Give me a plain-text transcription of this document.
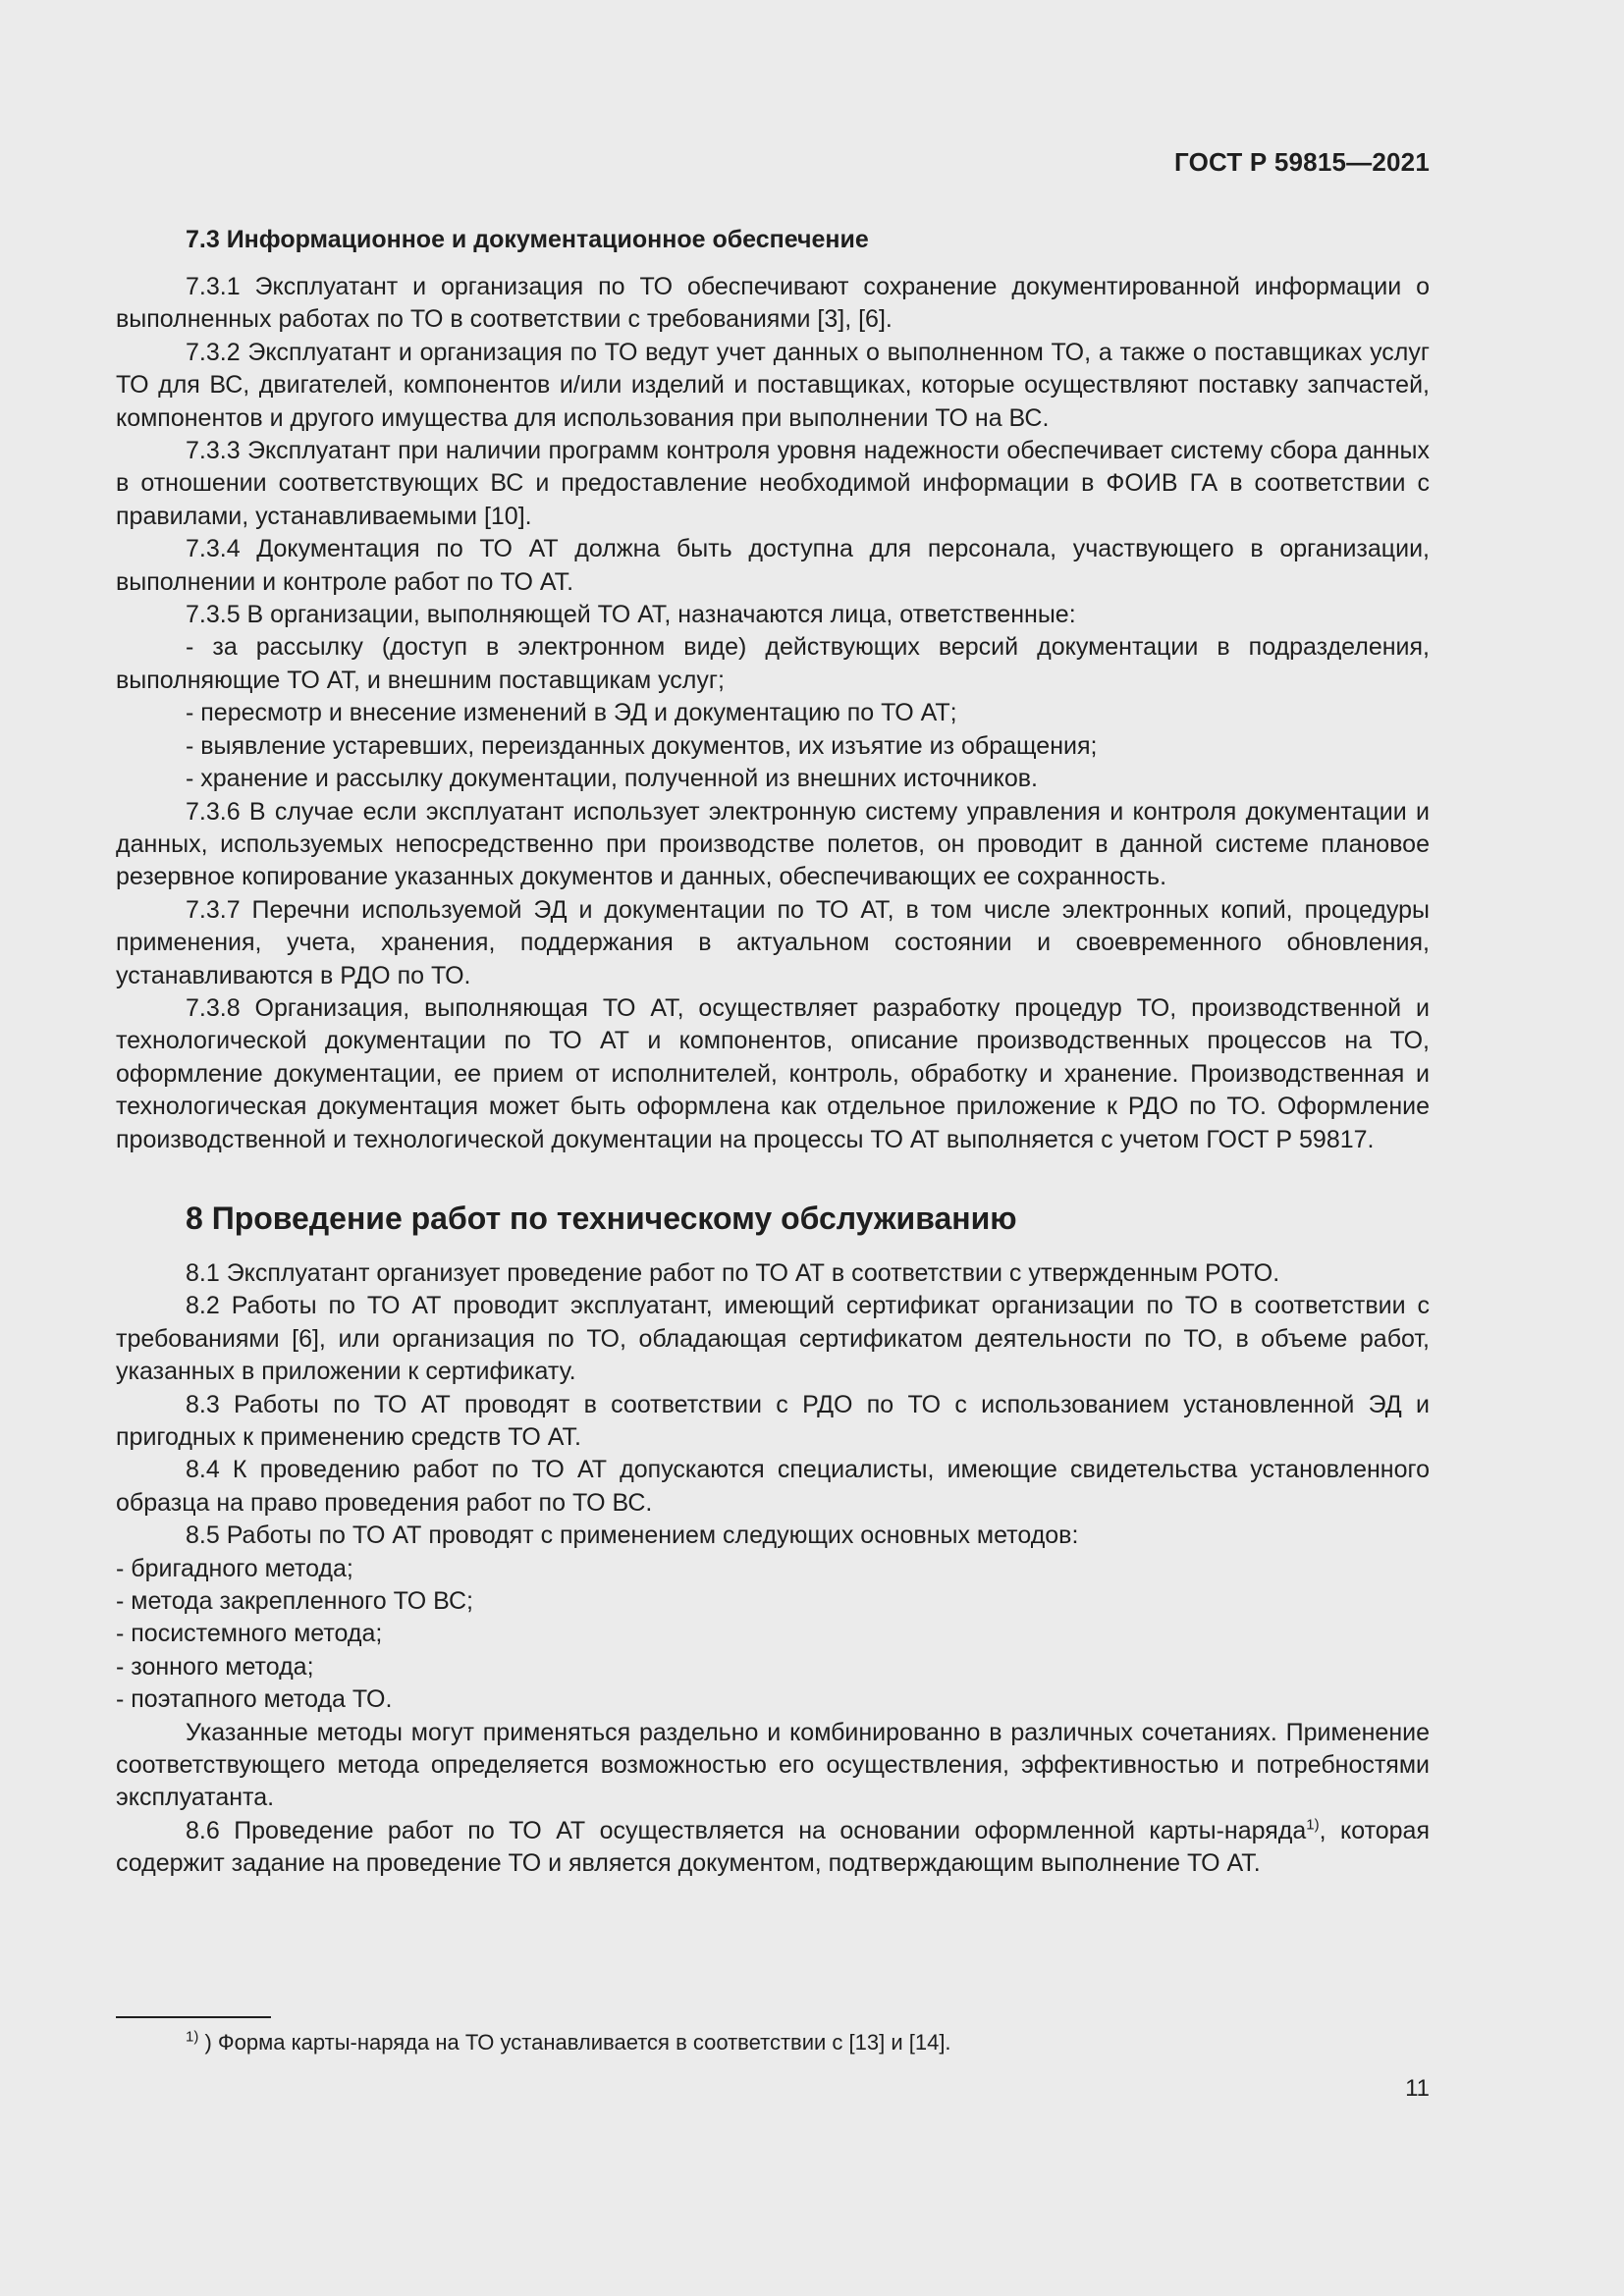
ГОСТ Р 59815—2021
7.3 Информационное и документационное обеспечение

7.3.1 Эксплуатант и организация по ТО обеспечивают сохранение документированной информации о выполненных работах по ТО в соответствии с требованиями [3], [6].

7.3.2 Эксплуатант и организация по ТО ведут учет данных о выполненном ТО, а также о поставщиках услуг ТО для ВС, двигателей, компонентов и/или изделий и поставщиках, которые осуществляют поставку запчастей, компонентов и другого имущества для использования при выполнении ТО на ВС.

7.3.3 Эксплуатант при наличии программ контроля уровня надежности обеспечивает систему сбора данных в отношении соответствующих ВС и предоставление необходимой информации в ФОИВ ГА в соответствии с правилами, устанавливаемыми [10].

7.3.4 Документация по ТО АТ должна быть доступна для персонала, участвующего в организации, выполнении и контроле работ по ТО АТ.

7.3.5 В организации, выполняющей ТО АТ, назначаются лица, ответственные:

- за рассылку (доступ в электронном виде) действующих версий документации в подразделения, выполняющие ТО АТ, и внешним поставщикам услуг;

- пересмотр и внесение изменений в ЭД и документацию по ТО АТ;

- выявление устаревших, переизданных документов, их изъятие из обращения;

- хранение и рассылку документации, полученной из внешних источников.

7.3.6 В случае если эксплуатант использует электронную систему управления и контроля документации и данных, используемых непосредственно при производстве полетов, он проводит в данной системе плановое резервное копирование указанных документов и данных, обеспечивающих ее сохранность.

7.3.7 Перечни используемой ЭД и документации по ТО АТ, в том числе электронных копий, процедуры применения, учета, хранения, поддержания в актуальном состоянии и своевременного обновления, устанавливаются в РДО по ТО.

7.3.8 Организация, выполняющая ТО АТ, осуществляет разработку процедур ТО, производственной и технологической документации по ТО АТ и компонентов, описание производственных процессов на ТО, оформление документации, ее прием от исполнителей, контроль, обработку и хранение. Производственная и технологическая документация может быть оформлена как отдельное приложение к РДО по ТО. Оформление производственной и технологической документации на процессы ТО АТ выполняется с учетом ГОСТ Р 59817.

8 Проведение работ по техническому обслуживанию

8.1 Эксплуатант организует проведение работ по ТО АТ в соответствии с утвержденным РОТО.

8.2 Работы по ТО АТ проводит эксплуатант, имеющий сертификат организации по ТО в соответствии с требованиями [6], или организация по ТО, обладающая сертификатом деятельности по ТО, в объеме работ, указанных в приложении к сертификату.

8.3 Работы по ТО АТ проводят в соответствии с РДО по ТО с использованием установленной ЭД и пригодных к применению средств ТО АТ.

8.4 К проведению работ по ТО АТ допускаются специалисты, имеющие свидетельства установленного образца на право проведения работ по ТО ВС.

8.5 Работы по ТО АТ проводят с применением следующих основных методов:

- бригадного метода;

- метода закрепленного ТО ВС;

- посистемного метода;

- зонного метода;

- поэтапного метода ТО.

Указанные методы могут применяться раздельно и комбинированно в различных сочетаниях. Применение соответствующего метода определяется возможностью его осуществления, эффективностью и потребностями эксплуатанта.

8.6 Проведение работ по ТО АТ осуществляется на основании оформленной карты-наряда$^{1)}$, которая содержит задание на проведение ТО и является документом, подтверждающим выполнение ТО АТ.

$^{1)}$ ) Форма карты-наряда на ТО устанавливается в соответствии с [13] и [14].
11
